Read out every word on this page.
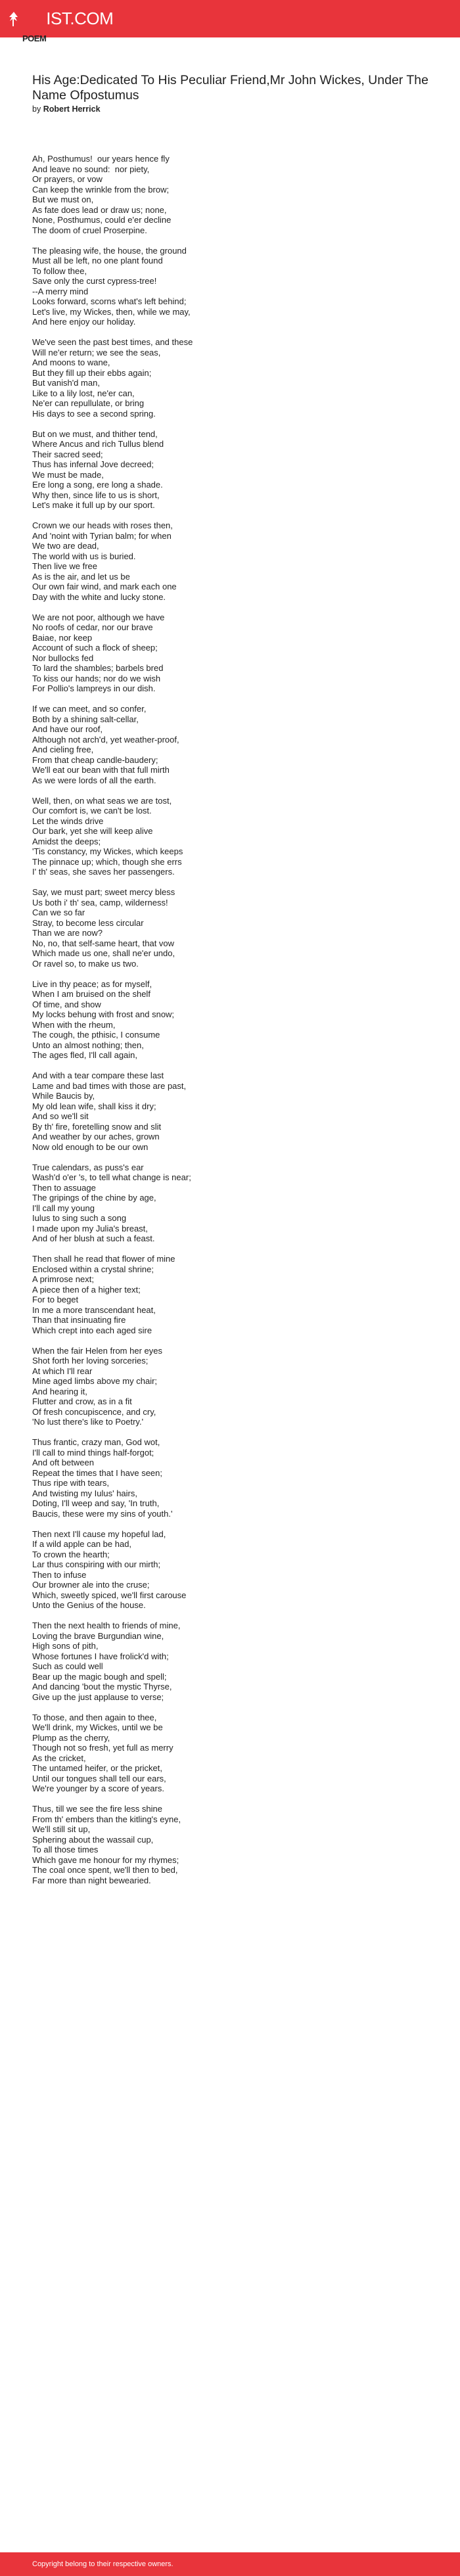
POEM
IST.COM
His Age:Dedicated To His Peculiar Friend,Mr John Wickes, Under The Name Ofpostumus
by Robert Herrick
Ah, Posthumus!  our years hence fly
And leave no sound:  nor piety,
Or prayers, or vow
Can keep the wrinkle from the brow;
But we must on,
As fate does lead or draw us; none,
None, Posthumus, could e'er decline
The doom of cruel Proserpine.
The pleasing wife, the house, the ground
Must all be left, no one plant found
To follow thee,
Save only the curst cypress-tree!
--A merry mind
Looks forward, scorns what's left behind;
Let's live, my Wickes, then, while we may,
And here enjoy our holiday.
We've seen the past best times, and these
Will ne'er return; we see the seas,
And moons to wane,
But they fill up their ebbs again;
But vanish'd man,
Like to a lily lost, ne'er can,
Ne'er can repullulate, or bring
His days to see a second spring.
But on we must, and thither tend,
Where Ancus and rich Tullus blend
Their sacred seed;
Thus has infernal Jove decreed;
We must be made,
Ere long a song, ere long a shade.
Why then, since life to us is short,
Let's make it full up by our sport.
Crown we our heads with roses then,
And 'noint with Tyrian balm; for when
We two are dead,
The world with us is buried.
Then live we free
As is the air, and let us be
Our own fair wind, and mark each one
Day with the white and lucky stone.
We are not poor, although we have
No roofs of cedar, nor our brave
Baiae, nor keep
Account of such a flock of sheep;
Nor bullocks fed
To lard the shambles; barbels bred
To kiss our hands; nor do we wish
For Pollio's lampreys in our dish.
If we can meet, and so confer,
Both by a shining salt-cellar,
And have our roof,
Although not arch'd, yet weather-proof,
And cieling free,
From that cheap candle-baudery;
We'll eat our bean with that full mirth
As we were lords of all the earth.
Well, then, on what seas we are tost,
Our comfort is, we can't be lost.
Let the winds drive
Our bark, yet she will keep alive
Amidst the deeps;
'Tis constancy, my Wickes, which keeps
The pinnace up; which, though she errs
I' th' seas, she saves her passengers.
Say, we must part; sweet mercy bless
Us both i' th' sea, camp, wilderness!
Can we so far
Stray, to become less circular
Than we are now?
No, no, that self-same heart, that vow
Which made us one, shall ne'er undo,
Or ravel so, to make us two.
Live in thy peace; as for myself,
When I am bruised on the shelf
Of time, and show
My locks behung with frost and snow;
When with the rheum,
The cough, the pthisic, I consume
Unto an almost nothing; then,
The ages fled, I'll call again,
And with a tear compare these last
Lame and bad times with those are past,
While Baucis by,
My old lean wife, shall kiss it dry;
And so we'll sit
By th' fire, foretelling snow and slit
And weather by our aches, grown
Now old enough to be our own
True calendars, as puss's ear
Wash'd o'er 's, to tell what change is near;
Then to assuage
The gripings of the chine by age,
I'll call my young
Iulus to sing such a song
I made upon my Julia's breast,
And of her blush at such a feast.
Then shall he read that flower of mine
Enclosed within a crystal shrine;
A primrose next;
A piece then of a higher text;
For to beget
In me a more transcendant heat,
Than that insinuating fire
Which crept into each aged sire
When the fair Helen from her eyes
Shot forth her loving sorceries;
At which I'll rear
Mine aged limbs above my chair;
And hearing it,
Flutter and crow, as in a fit
Of fresh concupiscence, and cry,
'No lust there's like to Poetry.'
Thus frantic, crazy man, God wot,
I'll call to mind things half-forgot;
And oft between
Repeat the times that I have seen;
Thus ripe with tears,
And twisting my Iulus' hairs,
Doting, I'll weep and say, 'In truth,
Baucis, these were my sins of youth.'
Then next I'll cause my hopeful lad,
If a wild apple can be had,
To crown the hearth;
Lar thus conspiring with our mirth;
Then to infuse
Our browner ale into the cruse;
Which, sweetly spiced, we'll first carouse
Unto the Genius of the house.
Then the next health to friends of mine,
Loving the brave Burgundian wine,
High sons of pith,
Whose fortunes I have frolick'd with;
Such as could well
Bear up the magic bough and spell;
And dancing 'bout the mystic Thyrse,
Give up the just applause to verse;
To those, and then again to thee,
We'll drink, my Wickes, until we be
Plump as the cherry,
Though not so fresh, yet full as merry
As the cricket,
The untamed heifer, or the pricket,
Until our tongues shall tell our ears,
We're younger by a score of years.
Thus, till we see the fire less shine
From th' embers than the kitling's eyne,
We'll still sit up,
Sphering about the wassail cup,
To all those times
Which gave me honour for my rhymes;
The coal once spent, we'll then to bed,
Far more than night bewearied.
Copyright belong to their respective owners.
